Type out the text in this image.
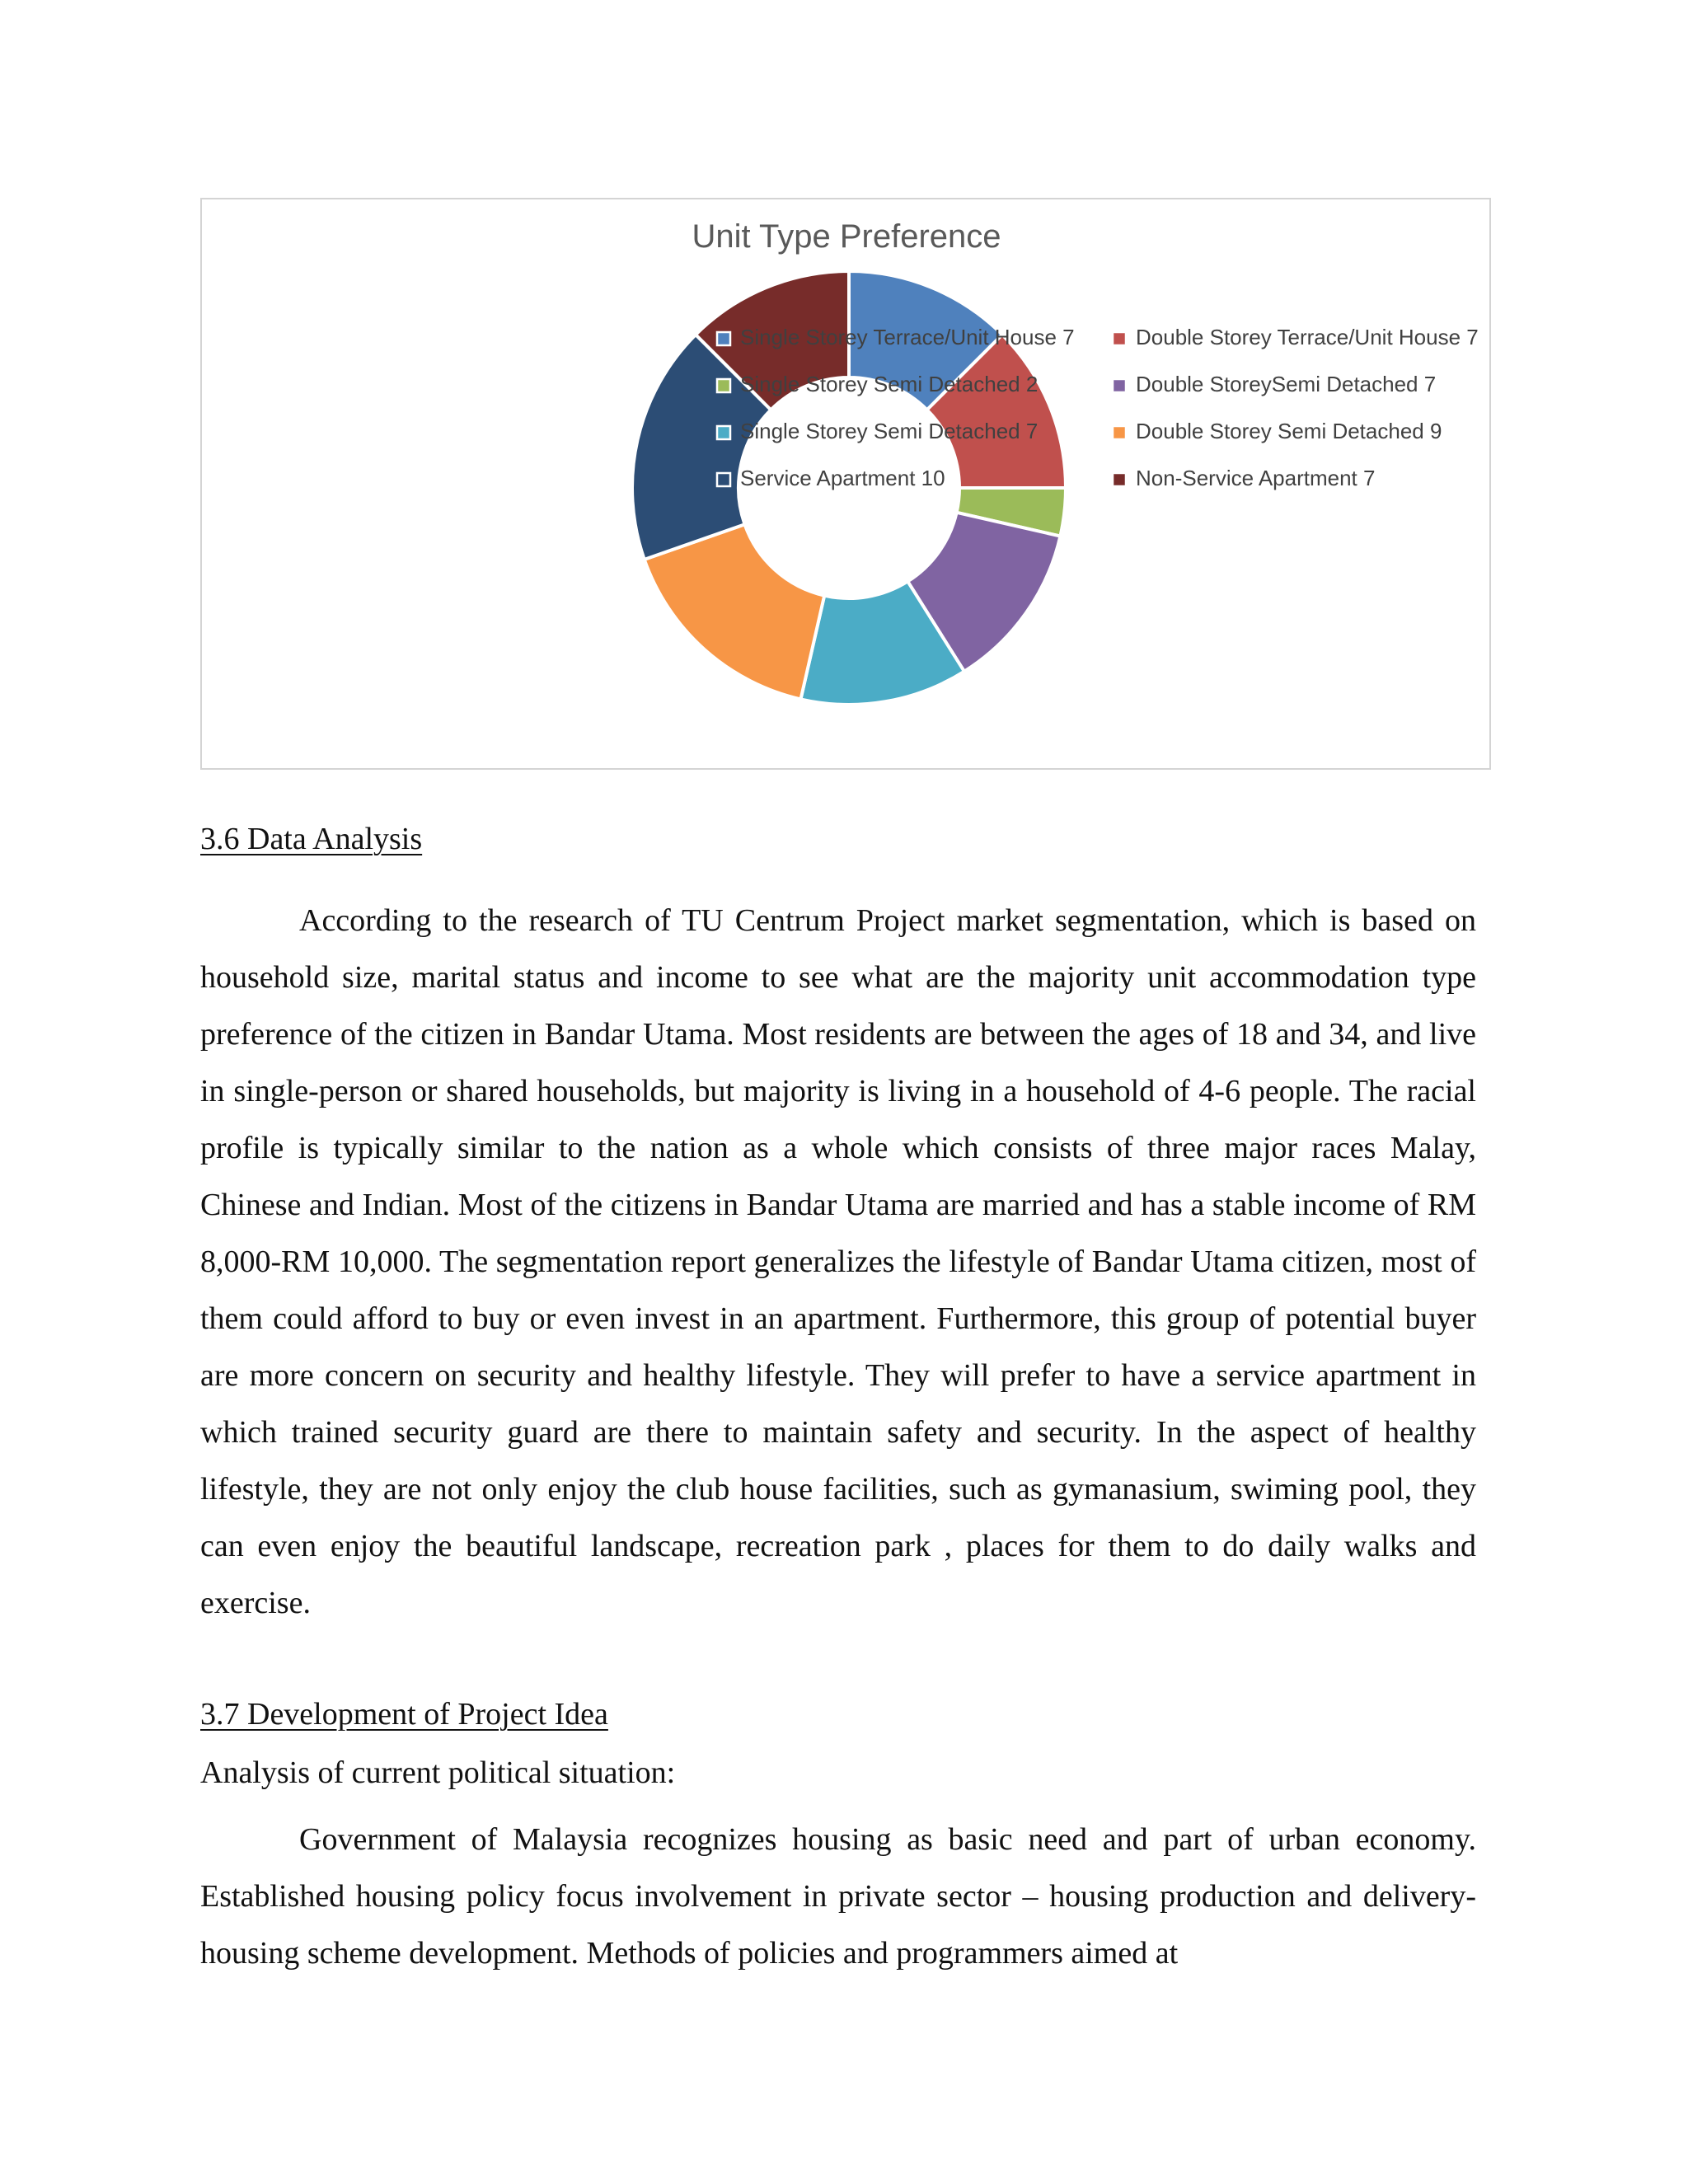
Unit Type Preference
Single Storey Terrace/Unit House 7
Single Storey Semi Detached 2
Single Storey Semi Detached 7
Service Apartment 10
Double Storey Terrace/Unit House 7
Double StoreySemi Detached 7
Double Storey Semi Detached 9
Non-Service Apartment 7
3.6 Data Analysis

According to the research of TU Centrum Project market segmentation, which is based on household size, marital status and income to see what are the majority unit accommodation type preference of the citizen in Bandar Utama. Most residents are between the ages of 18 and 34, and live in single-person or shared households, but majority is living in a household of 4-6 people. The racial profile is typically similar to the nation as a whole which consists of three major races Malay, Chinese and Indian. Most of the citizens in Bandar Utama are married and has a stable income of RM 8,000-RM 10,000. The segmentation report generalizes the lifestyle of Bandar Utama citizen, most of them could afford to buy or even invest in an apartment. Furthermore, this group of potential buyer are more concern on security and healthy lifestyle. They will prefer to have a service apartment in which trained security guard are there to maintain safety and security. In the aspect of healthy lifestyle, they are not only enjoy the club house facilities, such as gymanasium, swiming pool, they can even enjoy the beautiful landscape, recreation park , places for them to do daily walks and exercise.

3.7 Development of Project Idea

Analysis of current political situation:

Government of Malaysia recognizes housing as basic need and part of urban economy. Established housing policy focus involvement in private sector – housing production and delivery- housing scheme development. Methods of policies and programmers aimed at
